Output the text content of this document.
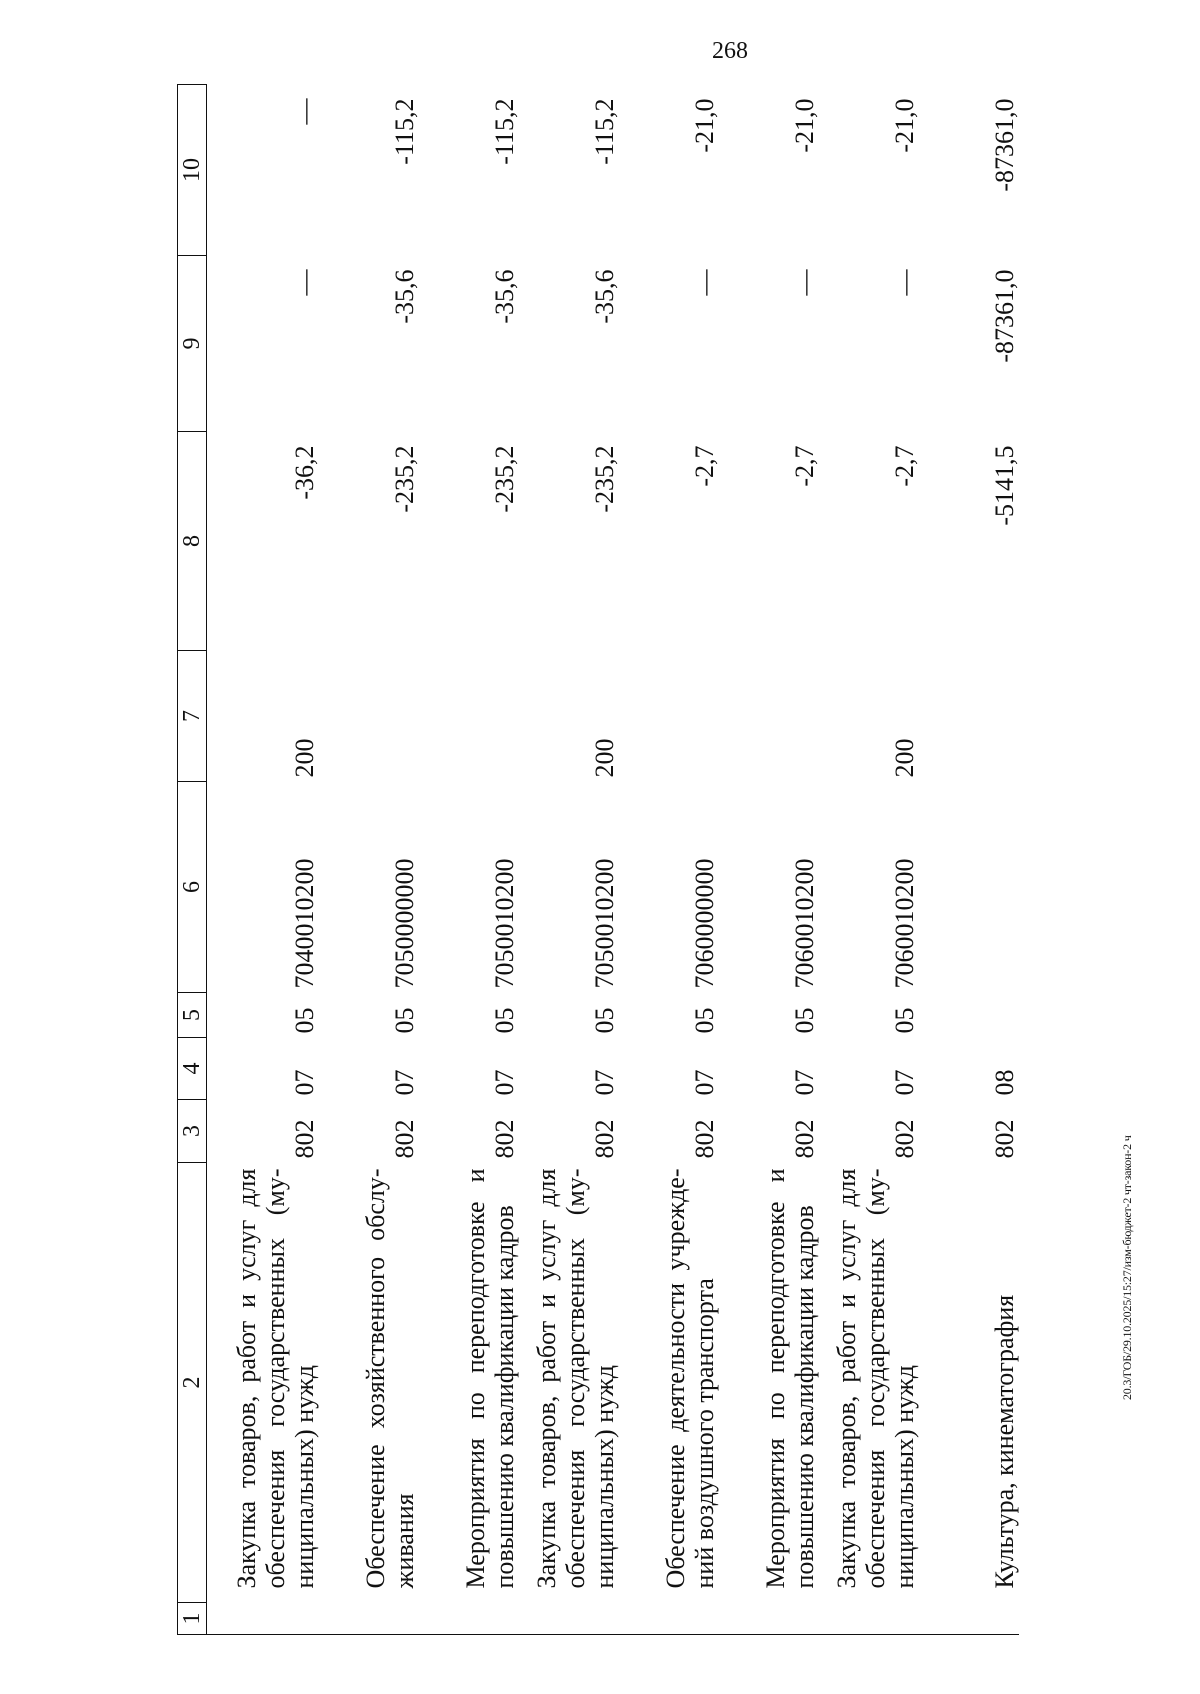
268
20.3/ГОБ/29.10.2025/15:27/изм-бюджет-2 чт-закон-2 ч
1	2	3	4	5	6	7	8	9	10
	Закупка товаров, работ и услуг для обеспечения государственных (му-ниципальных) нужд	802	07	05	7040010200	200	-36,2	—	—
	Обеспечение хозяйственного обслу-живания	802	07	05	7050000000		-235,2	-35,6	-115,2
	Мероприятия по переподготовке и повышению квалификации кадров	802	07	05	7050010200		-235,2	-35,6	-115,2
	Закупка товаров, работ и услуг для обеспечения государственных (му-ниципальных) нужд	802	07	05	7050010200	200	-235,2	-35,6	-115,2
	Обеспечение деятельности учрежде-ний воздушного транспорта	802	07	05	7060000000		-2,7	—	-21,0
	Мероприятия по переподготовке и повышению квалификации кадров	802	07	05	7060010200		-2,7	—	-21,0
	Закупка товаров, работ и услуг для обеспечения государственных (му-ниципальных) нужд	802	07	05	7060010200	200	-2,7	—	-21,0
	Культура, кинематография	802	08				-5141,5	-87361,0	-87361,0
